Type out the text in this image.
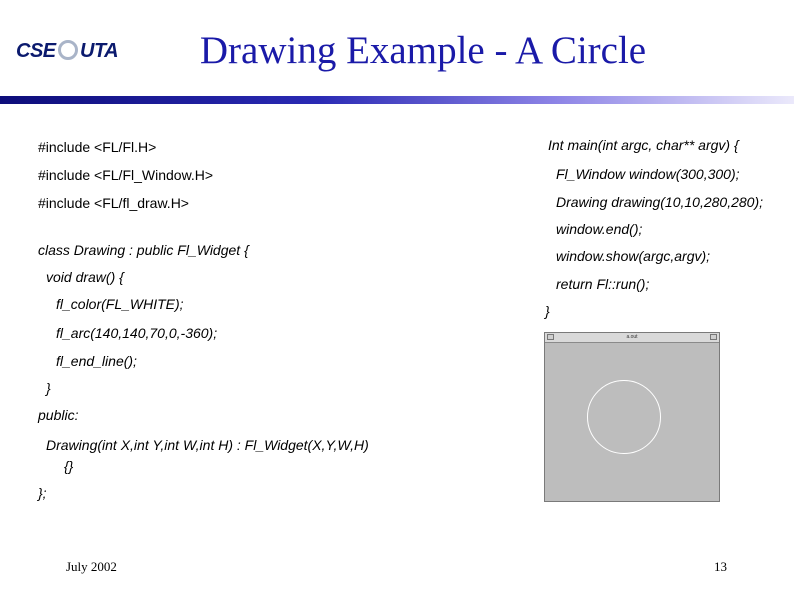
CSE UTA	Drawing Example - A Circle
#include <FL/Fl.H>
#include <FL/Fl_Window.H>
#include <FL/fl_draw.H>
class Drawing : public Fl_Widget {
void draw() {
fl_color(FL_WHITE);
fl_arc(140,140,70,0,-360);
fl_end_line();
}
public:
Drawing(int X,int Y,int W,int H) : Fl_Widget(X,Y,W,H)
{}
};
Int main(int argc, char** argv) {
Fl_Window window(300,300);
Drawing drawing(10,10,280,280);
window.end();
window.show(argc,argv);
return Fl::run();
}
a.out
July 2002	13
